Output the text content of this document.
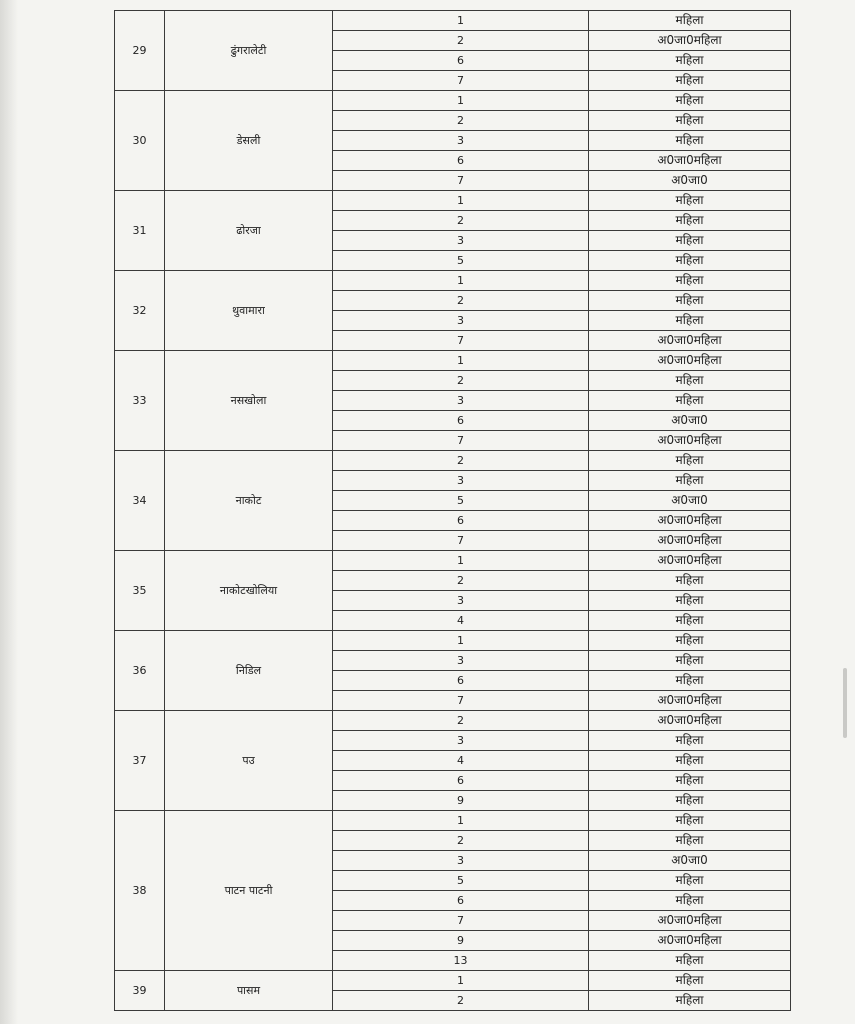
29	ढुंगरालेटी	1	महिला
		2	अ0जा0महिला
		6	महिला
		7	महिला
30	डेसली	1	महिला
		2	महिला
		3	महिला
		6	अ0जा0महिला
		7	अ0जा0
31	ढोरजा	1	महिला
		2	महिला
		3	महिला
		5	महिला
32	थुवामारा	1	महिला
		2	महिला
		3	महिला
		7	अ0जा0महिला
33	नसखोला	1	अ0जा0महिला
		2	महिला
		3	महिला
		6	अ0जा0
		7	अ0जा0महिला
34	नाकोट	2	महिला
		3	महिला
		5	अ0जा0
		6	अ0जा0महिला
		7	अ0जा0महिला
35	नाकोटखोलिया	1	अ0जा0महिला
		2	महिला
		3	महिला
		4	महिला
36	निडिल	1	महिला
		3	महिला
		6	महिला
		7	अ0जा0महिला
37	पउ	2	अ0जा0महिला
		3	महिला
		4	महिला
		6	महिला
		9	महिला
38	पाटन पाटनी	1	महिला
		2	महिला
		3	अ0जा0
		5	महिला
		6	महिला
		7	अ0जा0महिला
		9	अ0जा0महिला
		13	महिला
39	पासम	1	महिला
		2	महिला
